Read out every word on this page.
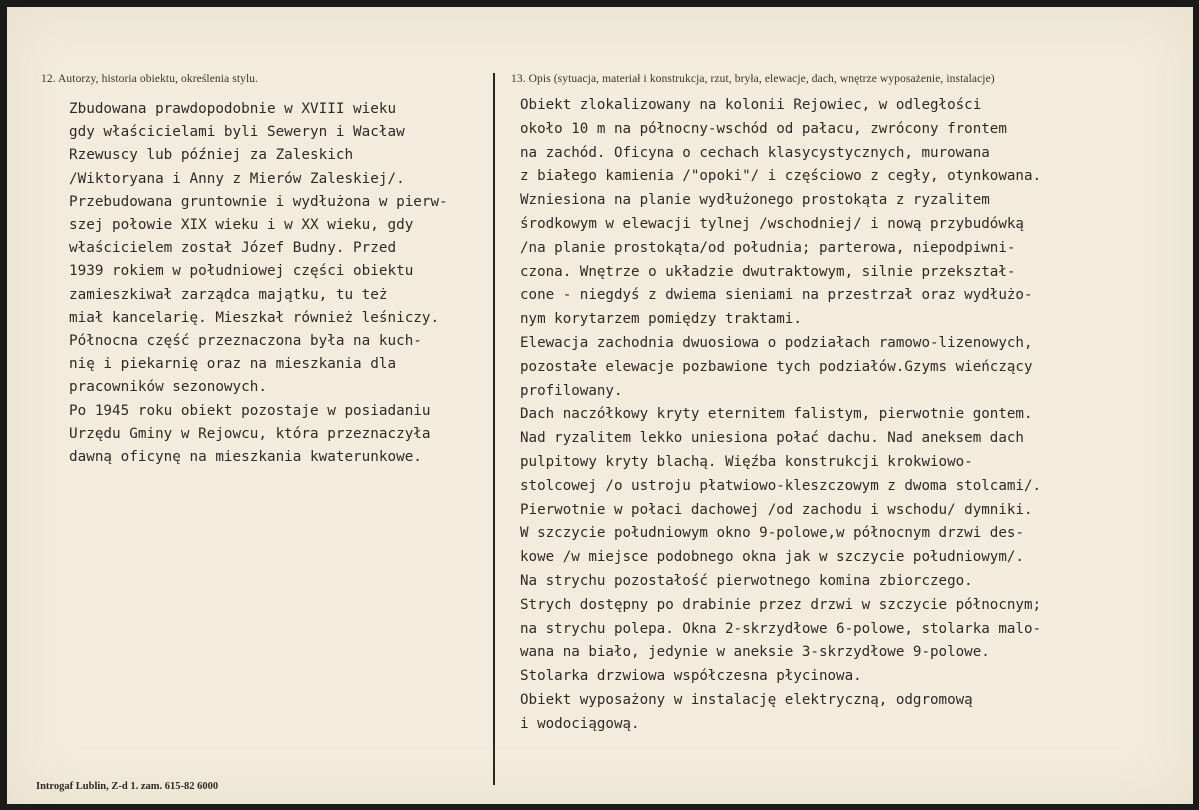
12. Autorzy, historia obiektu, określenia stylu.	13. Opis (sytuacja, materiał i konstrukcja, rzut, bryła, elewacje, dach, wnętrze wyposażenie, instalacje)

Zbudowana prawdopodobnie w XVIII wieku

gdy właścicielami byli Seweryn i Wacław

Rzewuscy lub później za Zaleskich

/Wiktoryana i Anny z Mierów Zaleskiej/.

Przebudowana gruntownie i wydłużona w pierw-

szej połowie XIX wieku i w XX wieku, gdy

właścicielem został Józef Budny. Przed

1939 rokiem w południowej części obiektu

zamieszkiwał zarządca majątku, tu też

miał kancelarię. Mieszkał również leśniczy.

Północna część przeznaczona była na kuch-

nię i piekarnię oraz na mieszkania dla

pracowników sezonowych.

Po 1945 roku obiekt pozostaje w posiadaniu

Urzędu Gminy w Rejowcu, która przeznaczyła

dawną oficynę na mieszkania kwaterunkowe.

Obiekt zlokalizowany na kolonii Rejowiec, w odległości

około 10 m na północny-wschód od pałacu, zwrócony frontem

na zachód. Oficyna o cechach klasycystycznych, murowana

z białego kamienia /"opoki"/ i częściowo z cegły, otynkowana.

Wzniesiona na planie wydłużonego prostokąta z ryzalitem

środkowym w elewacji tylnej /wschodniej/ i nową przybudówką

/na planie prostokąta/od południa; parterowa, niepodpiwni-

czona. Wnętrze o układzie dwutraktowym, silnie przekształ-

cone - niegdyś z dwiema sieniami na przestrzał oraz wydłużo-

nym korytarzem pomiędzy traktami.

Elewacja zachodnia dwuosiowa o podziałach ramowo-lizenowych,

pozostałe elewacje pozbawione tych podziałów.Gzyms wieńczący

profilowany.

Dach naczółkowy kryty eternitem falistym, pierwotnie gontem.

Nad ryzalitem lekko uniesiona połać dachu. Nad aneksem dach

pulpitowy kryty blachą. Więźba konstrukcji krokwiowo-

stolcowej /o ustroju płatwiowo-kleszczowym z dwoma stolcami/.

Pierwotnie w połaci dachowej /od zachodu i wschodu/ dymniki.

W szczycie południowym okno 9-polowe,w północnym drzwi des-

kowe /w miejsce podobnego okna jak w szczycie południowym/.

Na strychu pozostałość pierwotnego komina zbiorczego.

Strych dostępny po drabinie przez drzwi w szczycie północnym;

na strychu polepa. Okna 2-skrzydłowe 6-polowe, stolarka malo-

wana na biało, jedynie w aneksie 3-skrzydłowe 9-polowe.

Stolarka drzwiowa współczesna płycinowa.

Obiekt wyposażony w instalację elektryczną, odgromową

i wodociągową.

Introgaf Lublin, Z-d 1. zam. 615-82 6000
